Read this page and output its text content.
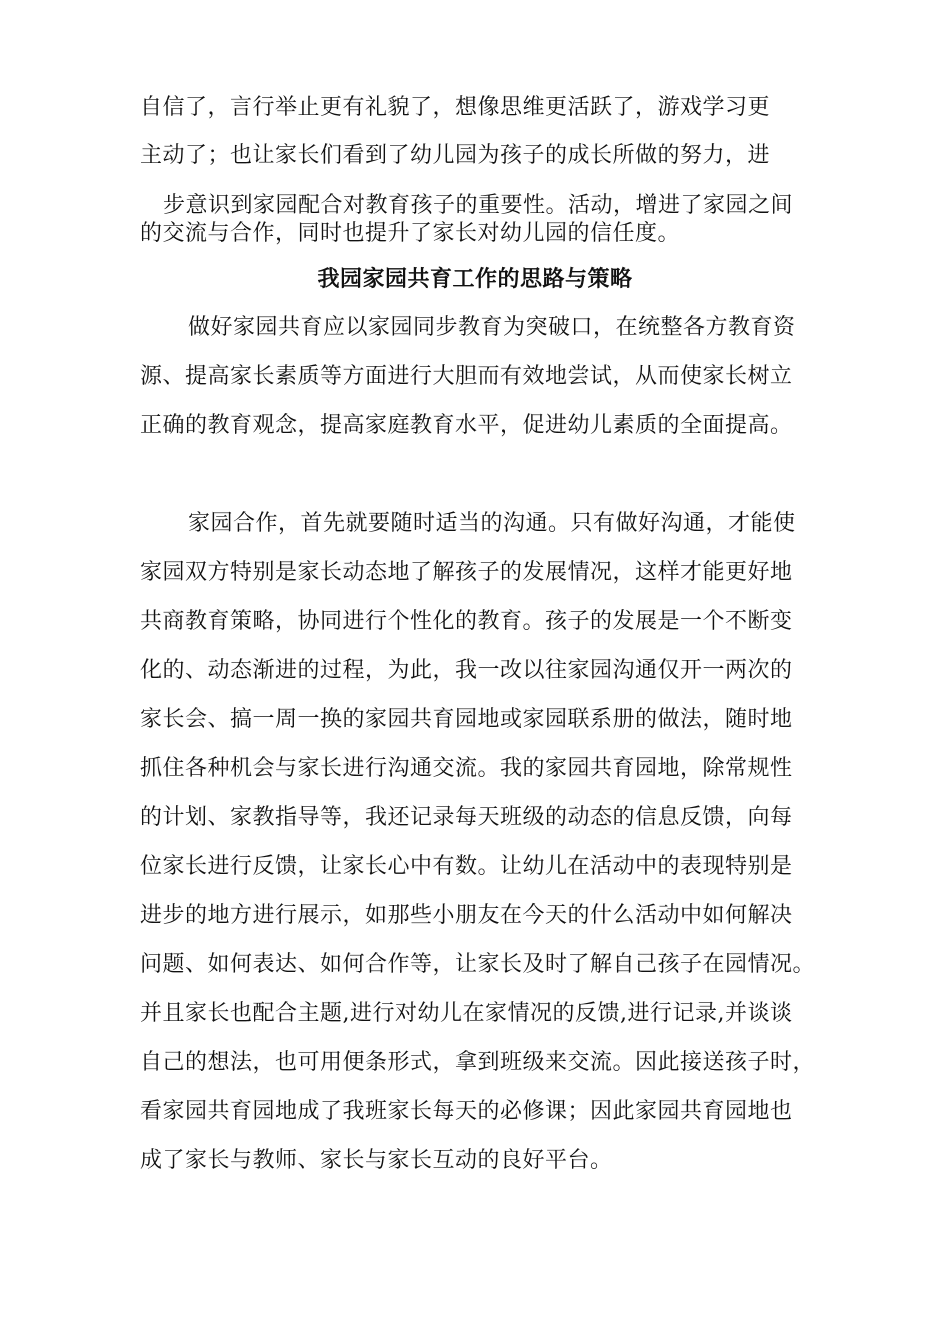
自信了，言行举止更有礼貌了，想像思维更活跃了，游戏学习更
主动了；也让家长们看到了幼儿园为孩子的成长所做的努力，进
步意识到家园配合对教育孩子的重要性。活动，增进了家园之间
的交流与合作，同时也提升了家长对幼儿园的信任度。
我园家园共育工作的思路与策略
做好家园共育应以家园同步教育为突破口，在统整各方教育资
源、提高家长素质等方面进行大胆而有效地尝试，从而使家长树立
正确的教育观念，提高家庭教育水平，促进幼儿素质的全面提高。
家园合作，首先就要随时适当的沟通。只有做好沟通，才能使
家园双方特别是家长动态地了解孩子的发展情况，这样才能更好地
共商教育策略，协同进行个性化的教育。孩子的发展是一个不断变
化的、动态渐进的过程，为此，我一改以往家园沟通仅开一两次的
家长会、搞一周一换的家园共育园地或家园联系册的做法，随时地
抓住各种机会与家长进行沟通交流。我的家园共育园地，除常规性
的计划、家教指导等，我还记录每天班级的动态的信息反馈，向每
位家长进行反馈，让家长心中有数。让幼儿在活动中的表现特别是
进步的地方进行展示，如那些小朋友在今天的什么活动中如何解决
问题、如何表达、如何合作等，让家长及时了解自己孩子在园情况。
并且家长也配合主题,进行对幼儿在家情况的反馈,进行记录,并谈谈
自己的想法，也可用便条形式，拿到班级来交流。因此接送孩子时，
看家园共育园地成了我班家长每天的必修课；因此家园共育园地也
成了家长与教师、家长与家长互动的良好平台。
